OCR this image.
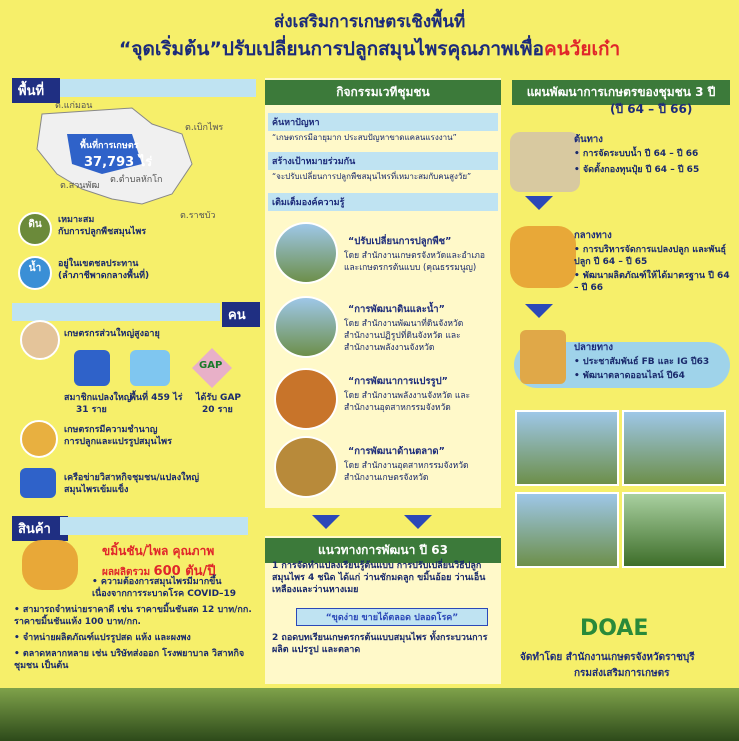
ส่งเสริมการเกษตรเชิงพื้นที่
“จุดเริ่มต้น”ปรับเปลี่ยนการปลูกสมุนไพรคุณภาพเพื่อคนวัยเก๋า
พื้นที่
ต.แก่มอน
ต.เบิกไพร
พื้นที่การเกษตร
37,793 ไร่
ต.ตำบลหักโก
ต.สวนพัฒ
ต.ราชบัว
ดิน	เหมาะสม
กับการปลูกพืชสมุนไพร
น้ำ	อยู่ในเขตชลประทาน
(ลำภาชีพาดกลางพื้นที่)
คน
เกษตรกรส่วนใหญ่สูงอายุ
GAP
สมาชิกแปลงใหญ่
31 ราย
พื้นที่ 459 ไร่ ได้รับ GAP
20 ราย
เกษตรกรมีความชำนาญ
การปลูกและแปรรูปสมุนไพร
เครือข่ายวิสาหกิจชุมชน/แปลงใหญ่
สมุนไพรเข้มแข็ง
สินค้า
ขมิ้นชัน/ไพล คุณภาพ
ผลผลิตรวม 600 ตัน/ปี
• ความต้องการสมุนไพรมีมากขึ้น เนื่องจากการระบาดโรค COVID–19
• สามารถจำหน่ายราคาดี เช่น ราคาขมิ้นชันสด 12 บาท/กก. ราคาขมิ้นชันแห้ง 100 บาท/กก.
• จำหน่ายผลิตภัณฑ์แปรรูปสด แห้ง และผงพง
• ตลาดหลากหลาย เช่น บริษัทส่งออก โรงพยาบาล วิสาหกิจชุมชน เป็นต้น
กิจกรรมเวทีชุมชน
ค้นหาปัญหา
“เกษตรกรมีอายุมาก ประสบปัญหาขาดแคลนแรงงาน”
สร้างเป้าหมายร่วมกัน
“จะปรับเปลี่ยนการปลูกพืชสมุนไพรที่เหมาะสมกับคนสูงวัย”
เติมเต็มองค์ความรู้
“ปรับเปลี่ยนการปลูกพืช”
โดย สำนักงานเกษตรจังหวัดและอำเภอ และเกษตรกรต้นแบบ (คุณธรรมนูญ)
“การพัฒนาดินและน้ำ”
โดย สำนักงานพัฒนาที่ดินจังหวัด สำนักงานปฏิรูปที่ดินจังหวัด และสำนักงานพลังงานจังหวัด
“การพัฒนาการแปรรูป”
โดย สำนักงานพลังงานจังหวัด และสำนักงานอุตสาหกรรมจังหวัด
“การพัฒนาด้านตลาด”
โดย สำนักงานอุตสาหกรรมจังหวัด สำนักงานเกษตรจังหวัด
แนวทางการพัฒนา ปี 63
1 การจัดทำแปลงเรียนรู้ต้นแบบ การปรับเปลี่ยนวิธีปลูกสมุนไพร 4 ชนิด ได้แก่ ว่านชักมดลูก ขมิ้นอ้อย ว่านเอ็นเหลืองและว่านหางเมย
“ขุดง่าย ขายได้ตลอด ปลอดโรค”
2 ถอดบทเรียนเกษตรกรต้นแบบสมุนไพร ทั้งกระบวนการ ผลิต แปรรูป และตลาด
แผนพัฒนาการเกษตรของชุมชน 3 ปี
(ปี 64 – ปี 66)
ต้นทาง
• การจัดระบบน้ำ ปี 64 – ปี 66
• จัดตั้งกองทุนปุ๋ย ปี 64 – ปี 65
กลางทาง
• การบริหารจัดการแปลงปลูก และพันธุ์ปลูก ปี 64 – ปี 65
• พัฒนาผลิตภัณฑ์ให้ได้มาตรฐาน ปี 64 – ปี 66
ปลายทาง
• ประชาสัมพันธ์ FB และ IG ปี63
• พัฒนาตลาดออนไลน์ ปี64
DOAE
จัดทำโดย สำนักงานเกษตรจังหวัดราชบุรี
กรมส่งเสริมการเกษตร
